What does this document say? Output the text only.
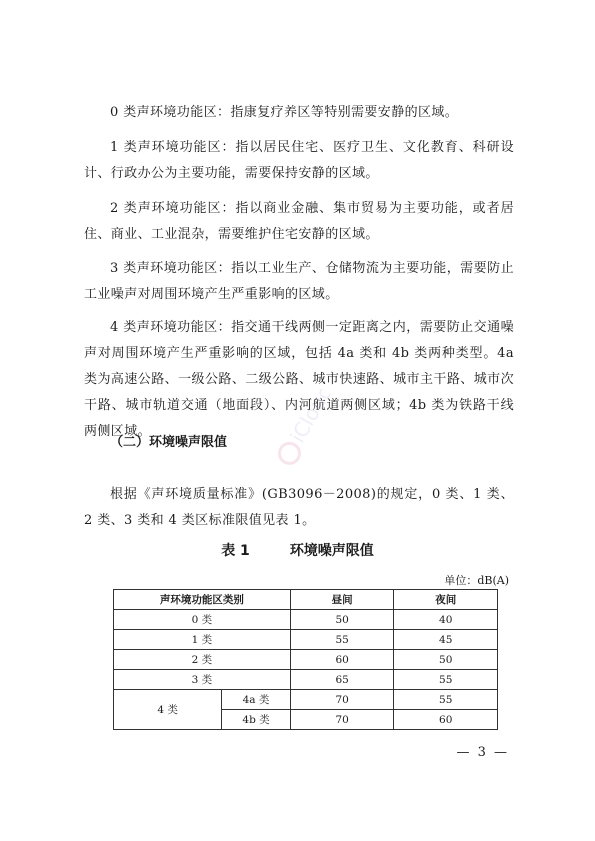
0 类声环境功能区：指康复疗养区等特别需要安静的区域。

1 类声环境功能区：指以居民住宅、医疗卫生、文化教育、科研设计、行政办公为主要功能，需要保持安静的区域。

2 类声环境功能区：指以商业金融、集市贸易为主要功能，或者居住、商业、工业混杂，需要维护住宅安静的区域。

3 类声环境功能区：指以工业生产、仓储物流为主要功能，需要防止工业噪声对周围环境产生严重影响的区域。

4 类声环境功能区：指交通干线两侧一定距离之内，需要防止交通噪声对周围环境产生严重影响的区域，包括 4a 类和 4b 类两种类型。4a 类为高速公路、一级公路、二级公路、城市快速路、城市主干路、城市次干路、城市轨道交通（地面段）、内河航道两侧区域；4b 类为铁路干线两侧区域。

（二）环境噪声限值

根据《声环境质量标准》(GB3096－2008)的规定，0 类、1 类、2 类、3 类和 4 类区标准限值见表 1。

表 1	环境噪声限值
单位：dB(A)
声环境功能区类别		昼间	夜间
0 类		50	40
1 类		55	45
2 类		60	50
3 类		65	55
4 类	4a 类	70	55
	4b 类	70	60
— 3 —
iCloud
